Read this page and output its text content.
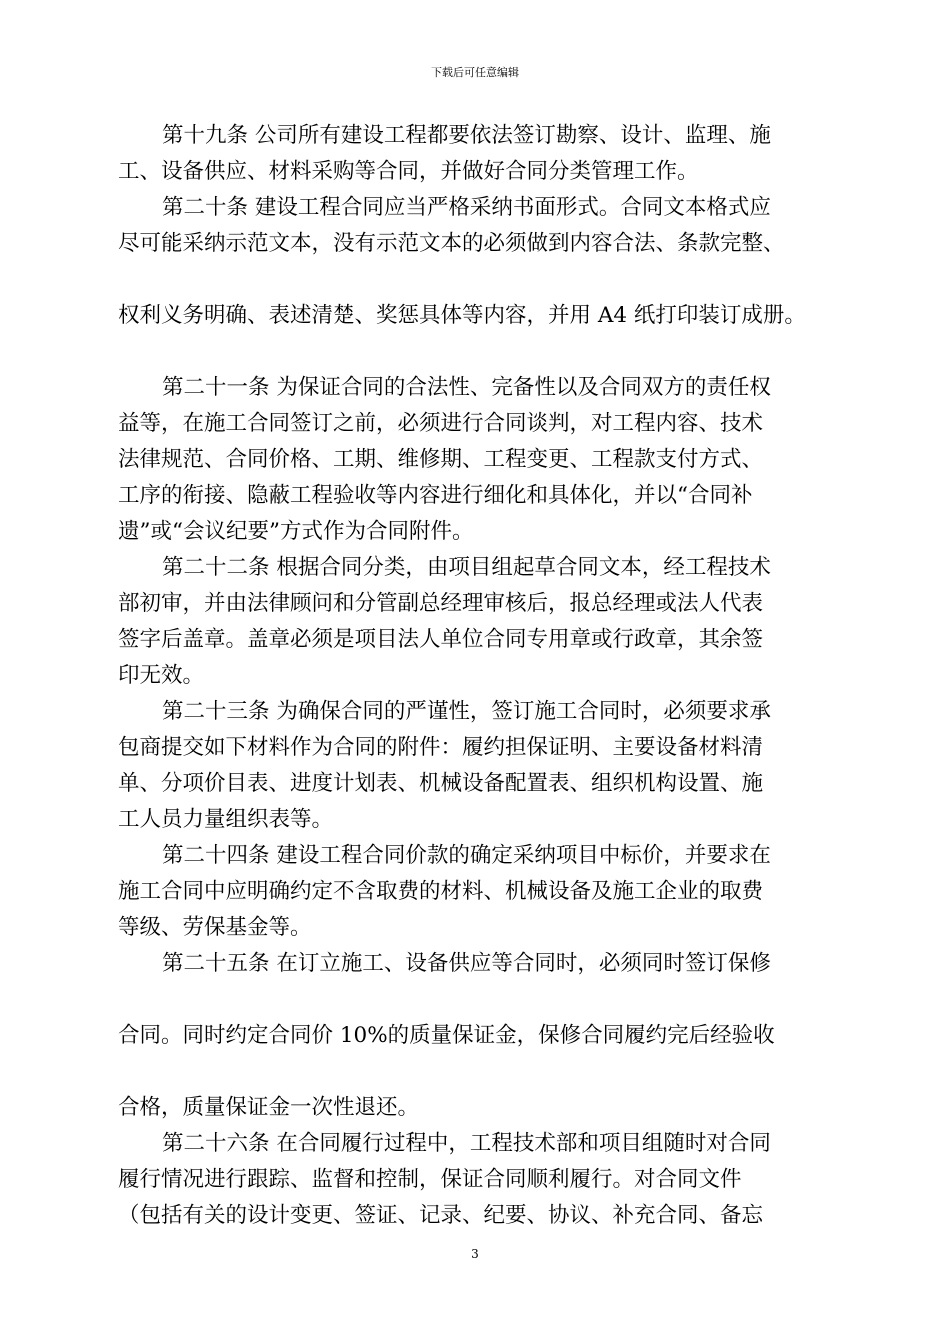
下载后可任意编辑
第十九条 公司所有建设工程都要依法签订勘察、设计、监理、施
工、设备供应、材料采购等合同，并做好合同分类管理工作。
第二十条 建设工程合同应当严格采纳书面形式。合同文本格式应
尽可能采纳示范文本，没有示范文本的必须做到内容合法、条款完整、
权利义务明确、表述清楚、奖惩具体等内容，并用 A4 纸打印装订成册。
第二十一条 为保证合同的合法性、完备性以及合同双方的责任权
益等，在施工合同签订之前，必须进行合同谈判，对工程内容、技术
法律规范、合同价格、工期、维修期、工程变更、工程款支付方式、
工序的衔接、隐蔽工程验收等内容进行细化和具体化，并以“合同补
遗”或“会议纪要”方式作为合同附件。
第二十二条 根据合同分类，由项目组起草合同文本，经工程技术
部初审，并由法律顾问和分管副总经理审核后，报总经理或法人代表
签字后盖章。盖章必须是项目法人单位合同专用章或行政章，其余签
印无效。
第二十三条 为确保合同的严谨性，签订施工合同时，必须要求承
包商提交如下材料作为合同的附件：履约担保证明、主要设备材料清
单、分项价目表、进度计划表、机械设备配置表、组织机构设置、施
工人员力量组织表等。
第二十四条 建设工程合同价款的确定采纳项目中标价，并要求在
施工合同中应明确约定不含取费的材料、机械设备及施工企业的取费
等级、劳保基金等。
第二十五条 在订立施工、设备供应等合同时，必须同时签订保修
合同。同时约定合同价 10%的质量保证金，保修合同履约完后经验收
合格，质量保证金一次性退还。
第二十六条 在合同履行过程中，工程技术部和项目组随时对合同
履行情况进行跟踪、监督和控制，保证合同顺利履行。对合同文件
（包括有关的设计变更、签证、记录、纪要、协议、补充合同、备忘
3
